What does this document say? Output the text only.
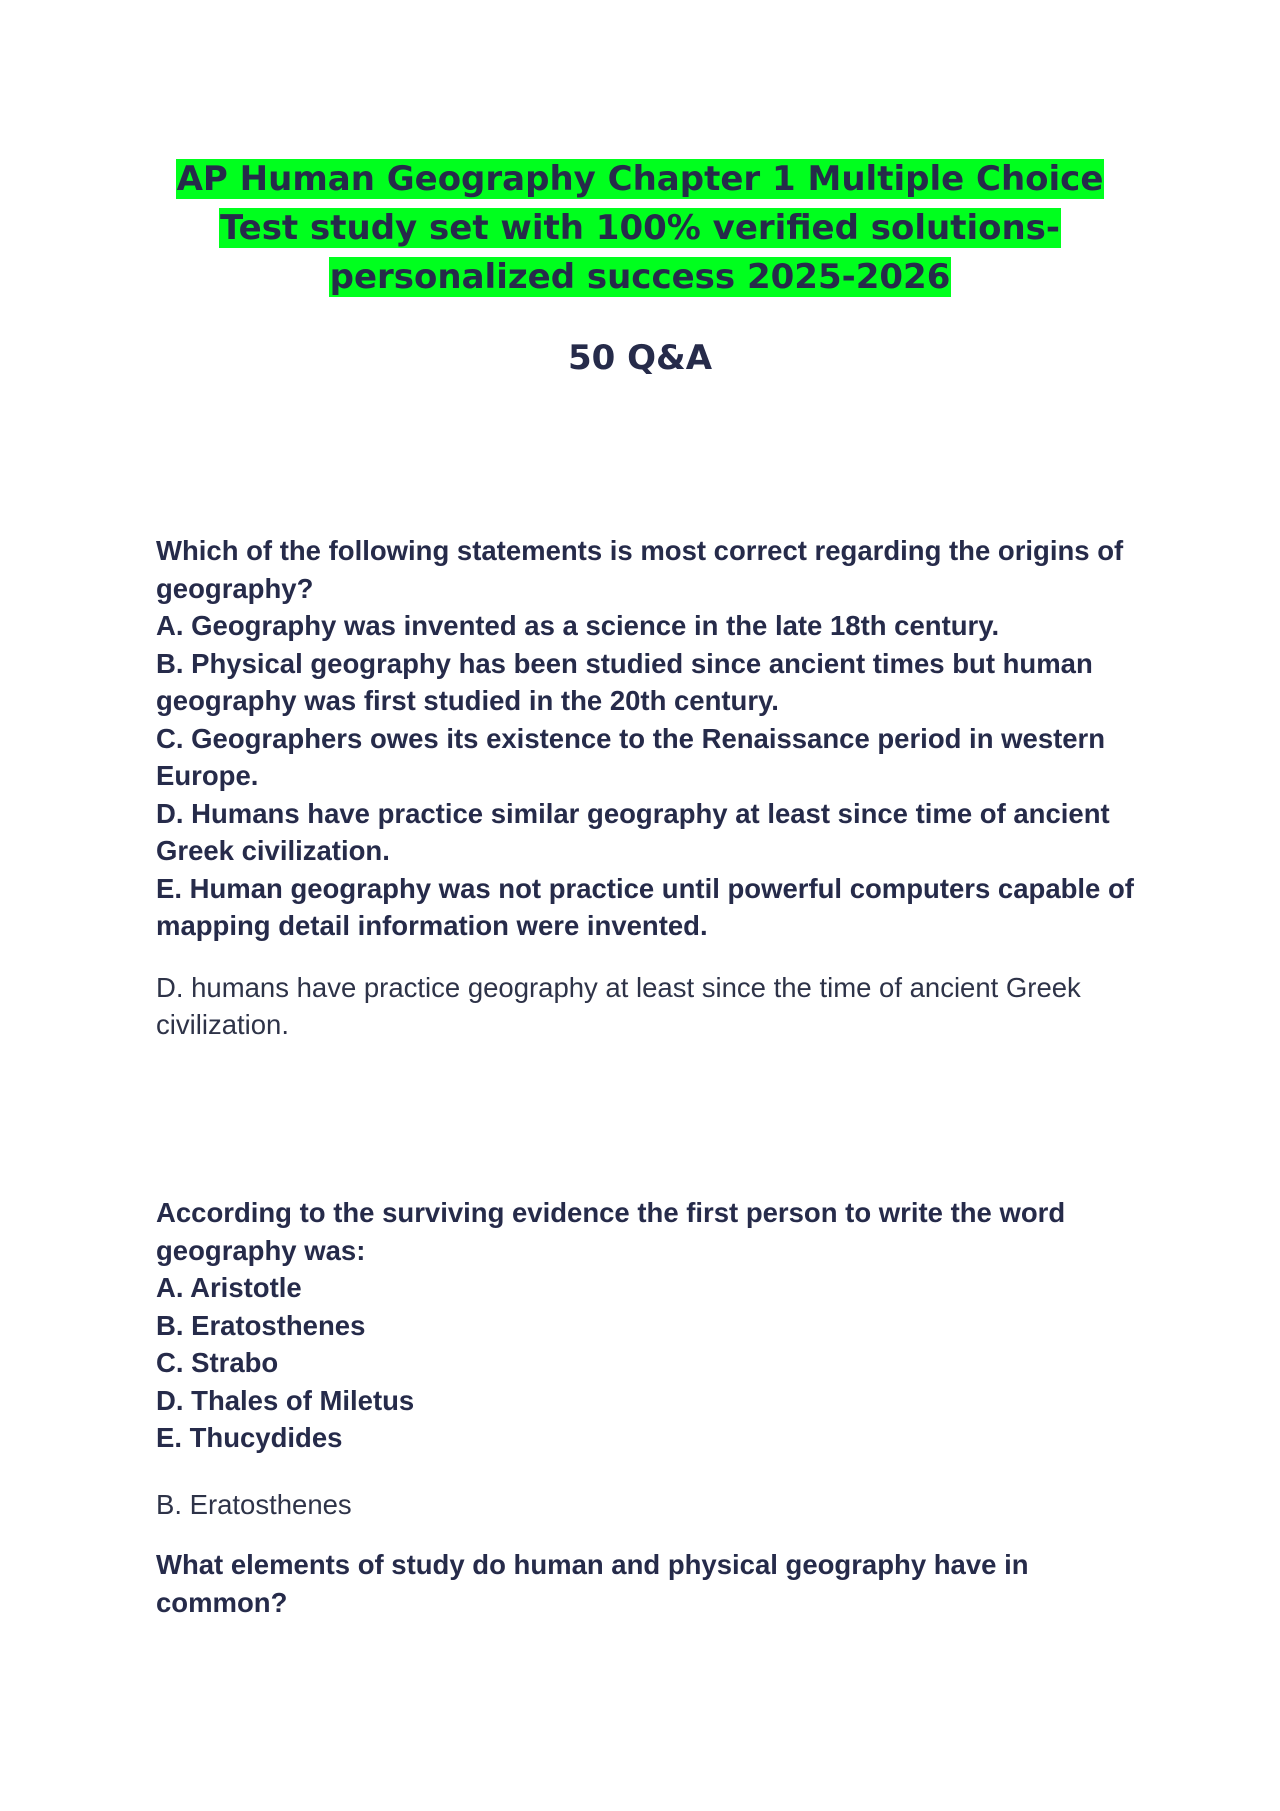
AP Human Geography Chapter 1 Multiple Choice Test study set with 100% verified solutions-personalized success 2025-2026
50 Q&A
Which of the following statements is most correct regarding the origins of geography?
A. Geography was invented as a science in the late 18th century.
B. Physical geography has been studied since ancient times but human geography was first studied in the 20th century.
C. Geographers owes its existence to the Renaissance period in western Europe.
D. Humans have practice similar geography at least since time of ancient Greek civilization.
E. Human geography was not practice until powerful computers capable of mapping detail information were invented.

D. humans have practice geography at least since the time of ancient Greek civilization.

According to the surviving evidence the first person to write the word geography was:
A. Aristotle
B. Eratosthenes
C. Strabo
D. Thales of Miletus
E. Thucydides

B. Eratosthenes

What elements of study do human and physical geography have in common?
